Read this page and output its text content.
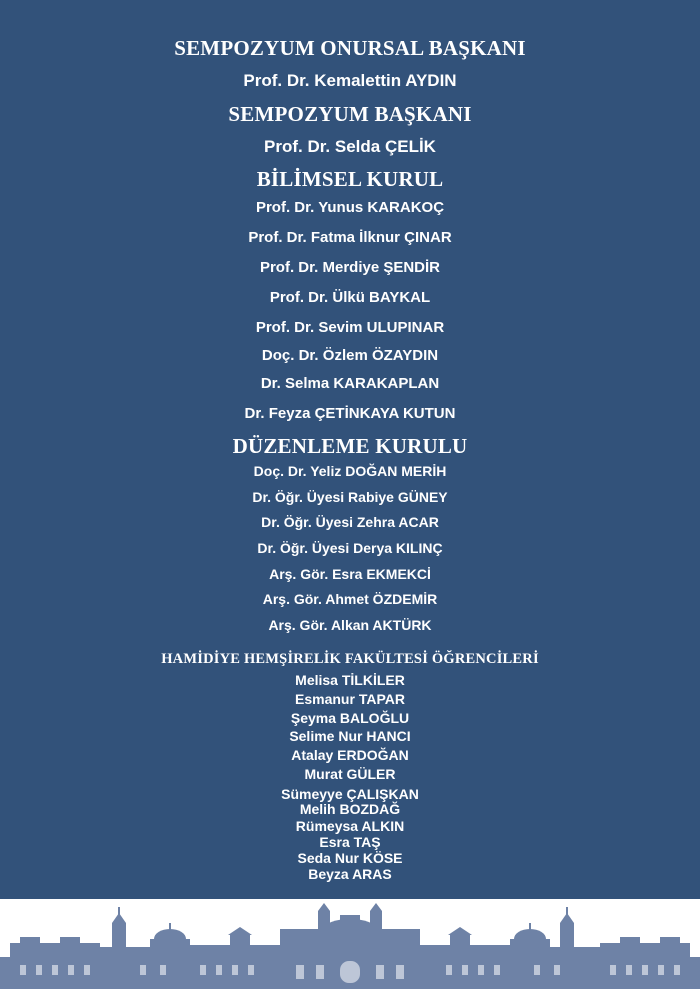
SEMPOZYUM ONURSAL BAŞKANI
Prof. Dr. Kemalettin AYDIN
SEMPOZYUM BAŞKANI
Prof. Dr. Selda ÇELİK
BİLİMSEL KURUL
Prof. Dr. Yunus KARAKOÇ
Prof. Dr. Fatma İlknur ÇINAR
Prof. Dr. Merdiye ŞENDİR
Prof. Dr. Ülkü BAYKAL
Prof. Dr. Sevim ULUPINAR
Doç. Dr. Özlem ÖZAYDIN
Dr. Selma KARAKAPLAN
Dr. Feyza ÇETİNKAYA KUTUN
DÜZENLEME KURULU
Doç. Dr. Yeliz DOĞAN MERİH
Dr. Öğr. Üyesi Rabiye GÜNEY
Dr. Öğr. Üyesi Zehra ACAR
Dr. Öğr. Üyesi Derya KILINÇ
Arş. Gör. Esra EKMEKCİ
Arş. Gör. Ahmet ÖZDEMİR
Arş. Gör. Alkan AKTÜRK
HAMİDİYE HEMŞİRELİK FAKÜLTESİ ÖĞRENCİLERİ
Melisa TİLKİLER
Esmanur TAPAR
Şeyma BALOĞLU
Selime Nur HANCI
Atalay ERDOĞAN
Murat GÜLER
Sümeyye ÇALIŞKAN
Melih BOZDAĞ
Rümeysa ALKIN
Esra TAŞ
Seda Nur KÖSE
Beyza ARAS
